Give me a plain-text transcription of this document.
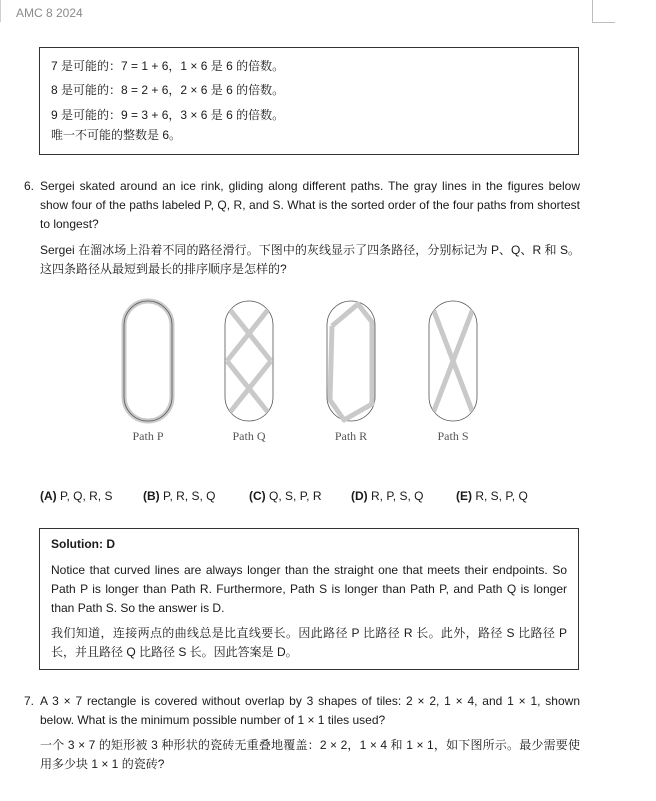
AMC 8 2024
7 是可能的：7 = 1 + 6，1 × 6 是 6 的倍数。
8 是可能的：8 = 2 + 6，2 × 6 是 6 的倍数。
9 是可能的：9 = 3 + 6，3 × 6 是 6 的倍数。
唯一不可能的整数是 6。
6. Sergei skated around an ice rink, gliding along different paths. The gray lines in the figures below show four of the paths labeled P, Q, R, and S. What is the sorted order of the four paths from shortest to longest?
Sergei 在溜冰场上沿着不同的路径滑行。下图中的灰线显示了四条路径，分别标记为 P、Q、R 和 S。这四条路径从最短到最长的排序顺序是怎样的?
Path P	Path Q	Path R	Path S
(A) P, Q, R, S	(B) P, R, S, Q	(C) Q, S, P, R (D) R, P, S, Q	(E) R, S, P, Q
Solution: D
Notice that curved lines are always longer than the straight one that meets their endpoints. So Path P is longer than Path R. Furthermore, Path S is longer than Path P, and Path Q is longer than Path S. So the answer is D.
我们知道，连接两点的曲线总是比直线要长。因此路径 P 比路径 R 长。此外，路径 S 比路径 P 长，并且路径 Q 比路径 S 长。因此答案是 D。
7. A 3 × 7 rectangle is covered without overlap by 3 shapes of tiles: 2 × 2, 1 × 4, and 1 × 1, shown below. What is the minimum possible number of 1 × 1 tiles used?
一个 3 × 7 的矩形被 3 种形状的瓷砖无重叠地覆盖：2 × 2，1 × 4 和 1 × 1，如下图所示。最少需要使用多少块 1 × 1 的瓷砖?
